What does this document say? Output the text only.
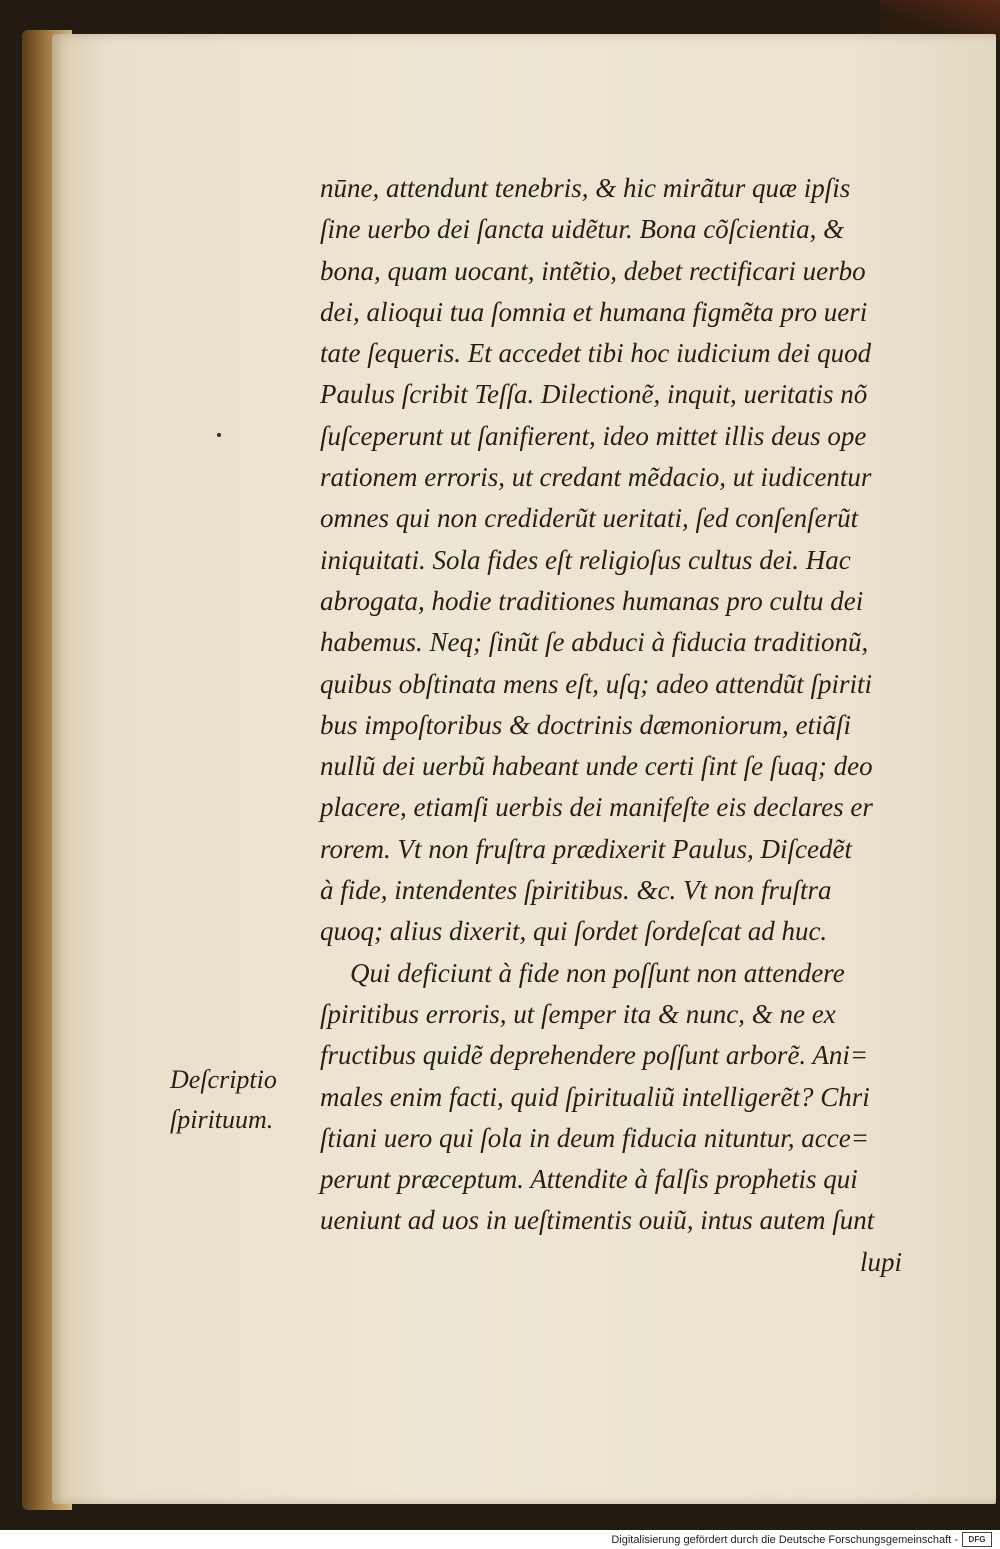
nūne, attendunt tenebris, & hic mirãtur quæ ipſis
ſine uerbo dei ſancta uidẽtur. Bona cõſcientia, &
bona, quam uocant, intẽtio, debet rectificari uerbo
dei, alioqui tua ſomnia et humana figmẽta pro ueri
tate ſequeris. Et accedet tibi hoc iudicium dei quod
Paulus ſcribit Teſſa. Dilectionẽ, inquit, ueritatis nõ
ſuſceperunt ut ſanifierent, ideo mittet illis deus ope
rationem erroris, ut credant mẽdacio, ut iudicentur
omnes qui non crediderũt ueritati, ſed conſenſerũt
iniquitati. Sola fides eſt religioſus cultus dei. Hac
abrogata, hodie traditiones humanas pro cultu dei
habemus. Neq; ſinũt ſe abduci à fiducia traditionũ,
quibus obſtinata mens eſt, uſq; adeo attendũt ſpiriti
bus impoſtoribus & doctrinis dæmoniorum, etiãſi
nullũ dei uerbũ habeant unde certi ſint ſe ſuaq; deo
placere, etiamſi uerbis dei manifeſte eis declares er
rorem. Vt non fruſtra prædixerit Paulus, Diſcedẽt
à fide, intendentes ſpiritibus. &c. Vt non fruſtra
quoq; alius dixerit, qui ſordet ſordeſcat ad huc.
Qui deficiunt à fide non poſſunt non attendere
ſpiritibus erroris, ut ſemper ita & nunc, & ne ex
fructibus quidẽ deprehendere poſſunt arborẽ. Ani=
males enim facti, quid ſpiritualiũ intelligerẽt? Chri
ſtiani uero qui ſola in deum fiducia nituntur, acce=
perunt præceptum. Attendite à falſis prophetis qui
ueniunt ad uos in ueſtimentis ouiũ, intus autem ſunt
lupi
Deſcriptio
ſpirituum.
Digitalisierung gefördert durch die Deutsche Forschungsgemeinschaft -	DFG
